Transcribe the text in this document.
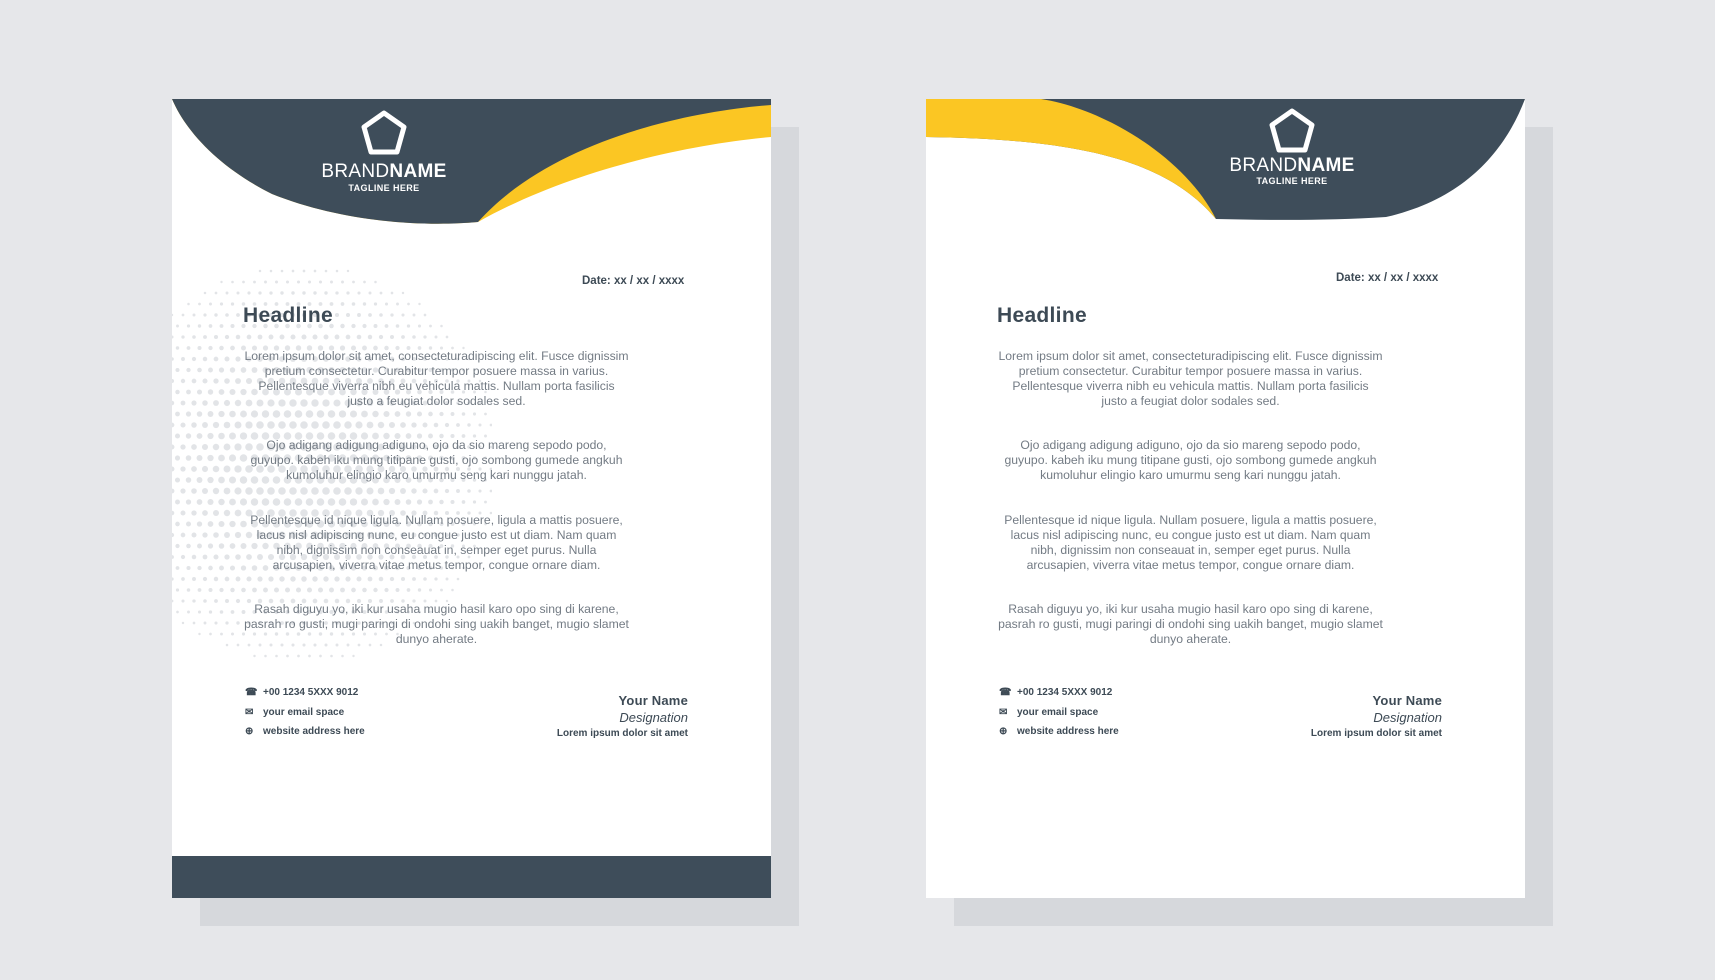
BRANDNAME
TAGLINE HERE
Date: xx / xx / xxxx
Headline
Lorem ipsum dolor sit amet, consecteturadipiscing elit. Fusce dignissim pretium consectetur. Curabitur tempor posuere massa in varius. Pellentesque viverra nibh eu vehicula mattis. Nullam porta fasilicis justo a feugiat dolor sodales sed.
Ojo adigang adigung adiguno, ojo da sio mareng sepodo podo, guyupo. kabeh iku mung titipane gusti, ojo sombong gumede angkuh kumoluhur elingio karo umurmu seng kari nunggu jatah.
Pellentesque id nique ligula. Nullam posuere, ligula a mattis posuere, lacus nisl adipiscing nunc, eu congue justo est ut diam. Nam quam nibh, dignissim non conseauat in, semper eget purus. Nulla arcusapien, viverra vitae metus tempor, congue ornare diam.
Rasah diguyu yo, iki kur usaha mugio hasil karo opo sing di karene, pasrah ro gusti, mugi paringi di ondohi sing uakih banget, mugio slamet dunyo aherate.
☎ +00 1234 5XXX 9012
✉ your email space
⊕ website address here
Your Name
Designation
Lorem ipsum dolor sit amet
BRANDNAME
TAGLINE HERE
Date: xx / xx / xxxx
Headline
Lorem ipsum dolor sit amet, consecteturadipiscing elit. Fusce dignissim pretium consectetur. Curabitur tempor posuere massa in varius. Pellentesque viverra nibh eu vehicula mattis. Nullam porta fasilicis justo a feugiat dolor sodales sed.
Ojo adigang adigung adiguno, ojo da sio mareng sepodo podo, guyupo. kabeh iku mung titipane gusti, ojo sombong gumede angkuh kumoluhur elingio karo umurmu seng kari nunggu jatah.
Pellentesque id nique ligula. Nullam posuere, ligula a mattis posuere, lacus nisl adipiscing nunc, eu congue justo est ut diam. Nam quam nibh, dignissim non conseauat in, semper eget purus. Nulla arcusapien, viverra vitae metus tempor, congue ornare diam.
Rasah diguyu yo, iki kur usaha mugio hasil karo opo sing di karene, pasrah ro gusti, mugi paringi di ondohi sing uakih banget, mugio slamet dunyo aherate.
☎ +00 1234 5XXX 9012
✉ your email space
⊕ website address here
Your Name
Designation
Lorem ipsum dolor sit amet
